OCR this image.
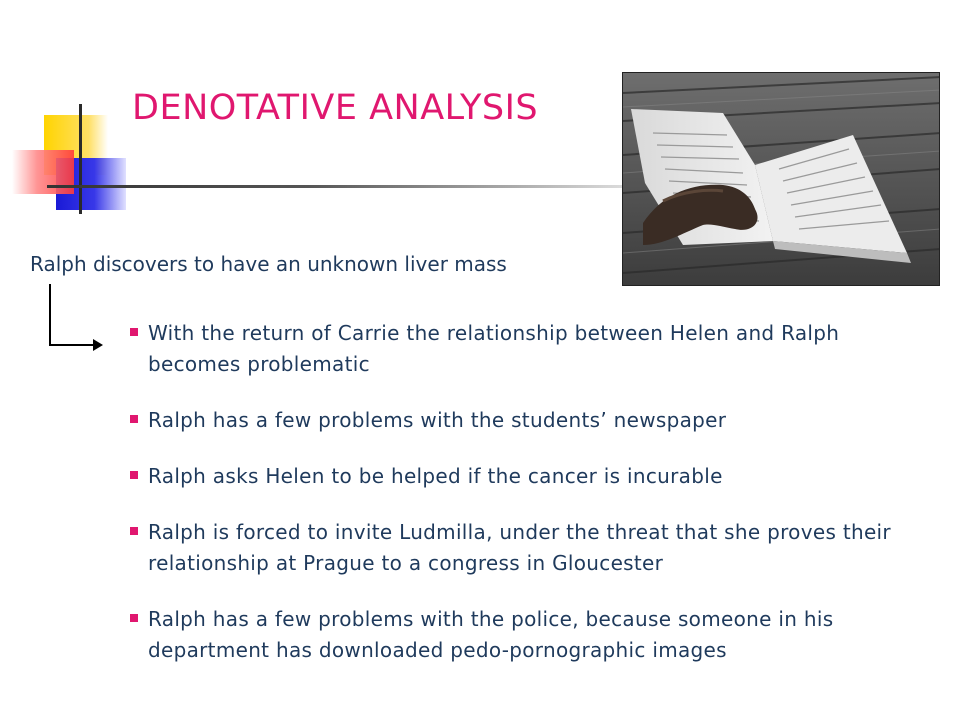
DENOTATIVE ANALYSIS
Ralph discovers to have an unknown liver mass
With the return of Carrie the relationship between Helen and Ralph becomes problematic
Ralph has a few problems with the students’ newspaper
Ralph asks Helen to be helped if the cancer is incurable
Ralph is forced to invite Ludmilla, under the threat that she proves their relationship at Prague to a congress in Gloucester
Ralph has a few problems with the police, because someone in his department has downloaded pedo-pornographic images
